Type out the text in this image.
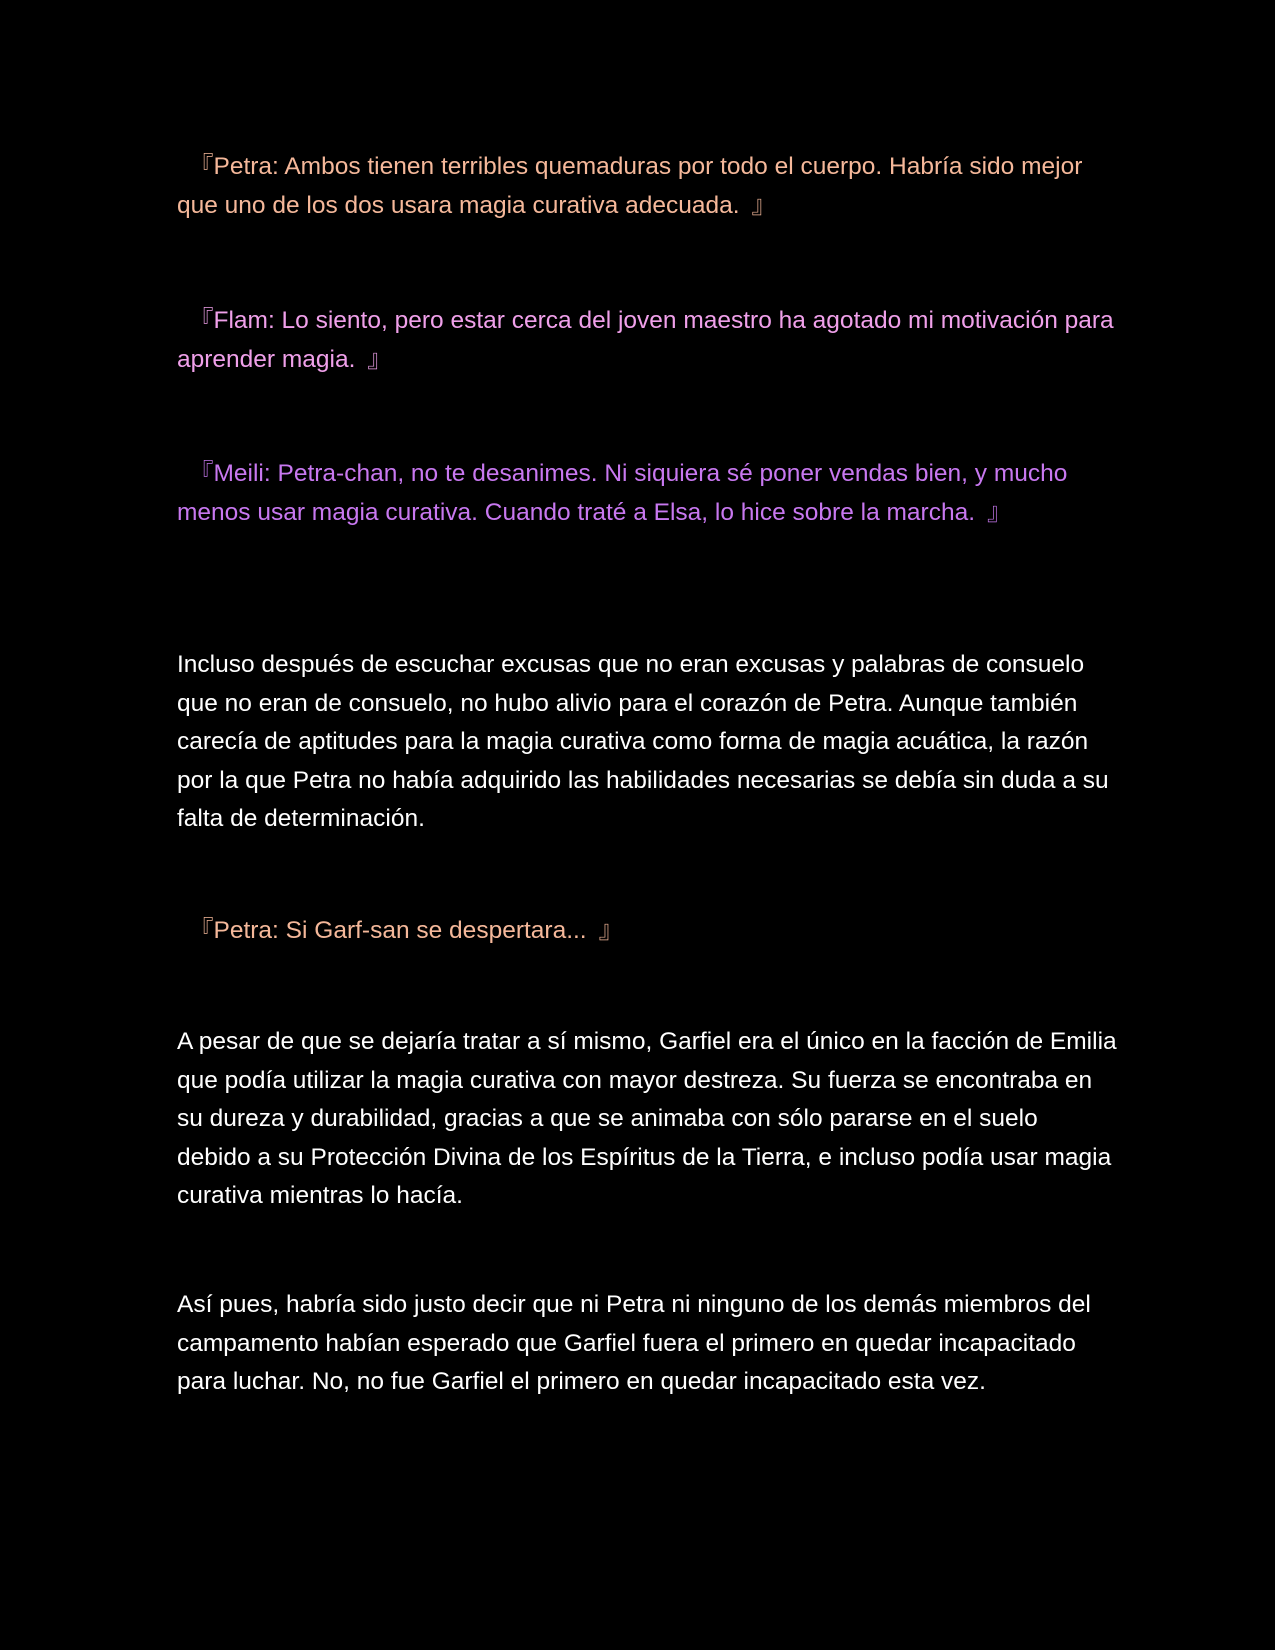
『Petra: Ambos tienen terribles quemaduras por todo el cuerpo. Habría sido mejor que uno de los dos usara magia curativa adecuada. 』

『Flam: Lo siento, pero estar cerca del joven maestro ha agotado mi motivación para aprender magia. 』

『Meili: Petra-chan, no te desanimes. Ni siquiera sé poner vendas bien, y mucho menos usar magia curativa. Cuando traté a Elsa, lo hice sobre la marcha. 』

Incluso después de escuchar excusas que no eran excusas y palabras de consuelo que no eran de consuelo, no hubo alivio para el corazón de Petra. Aunque también carecía de aptitudes para la magia curativa como forma de magia acuática, la razón por la que Petra no había adquirido las habilidades necesarias se debía sin duda a su falta de determinación.

『Petra: Si Garf-san se despertara... 』

A pesar de que se dejaría tratar a sí mismo, Garfiel era el único en la facción de Emilia que podía utilizar la magia curativa con mayor destreza. Su fuerza se encontraba en su dureza y durabilidad, gracias a que se animaba con sólo pararse en el suelo debido a su Protección Divina de los Espíritus de la Tierra, e incluso podía usar magia curativa mientras lo hacía.

Así pues, habría sido justo decir que ni Petra ni ninguno de los demás miembros del campamento habían esperado que Garfiel fuera el primero en quedar incapacitado para luchar. No, no fue Garfiel el primero en quedar incapacitado esta vez.
